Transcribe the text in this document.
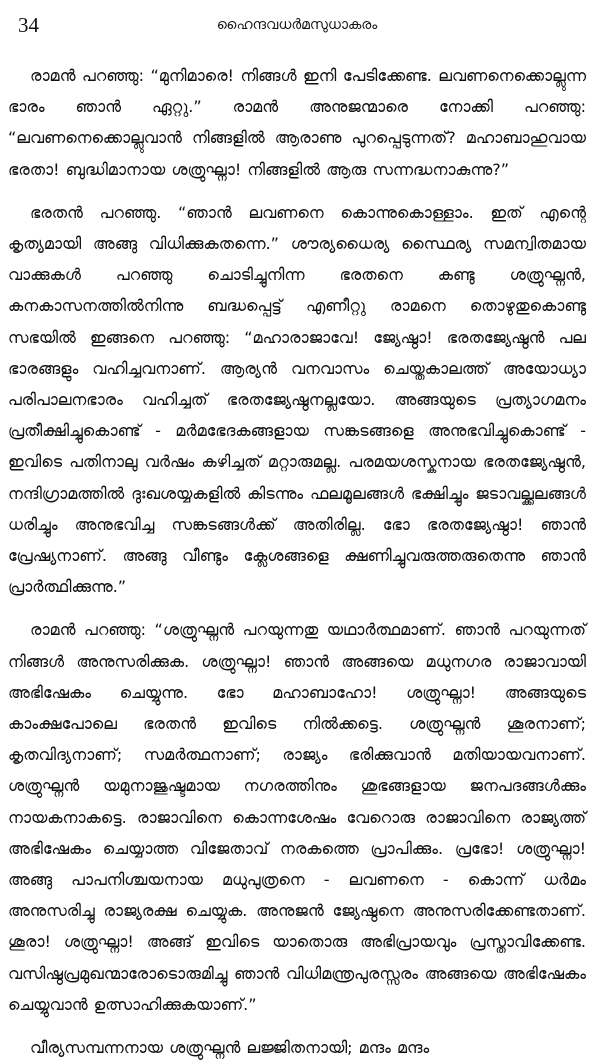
34	ഹൈന്ദവധർമസുധാകരം

രാമൻ പറഞ്ഞു: “മുനിമാരെ! നിങ്ങൾ ഇനി പേടിക്കേണ്ട. ലവണനെക്കൊല്ലുന്ന ഭാരം ഞാൻ ഏറ്റു.” രാമൻ അനുജന്മാരെ നോക്കി പറഞ്ഞു: “ലവണനെക്കൊല്ലുവാൻ നിങ്ങളിൽ ആരാണു പുറപ്പെടുന്നത്? മഹാബാഹുവായ ഭരതാ! ബുദ്ധിമാനായ ശത്രുഘ്നാ! നിങ്ങളിൽ ആരു സന്നദ്ധനാകുന്നു?”

ഭരതൻ പറഞ്ഞു. “ഞാൻ ലവണനെ കൊന്നുകൊള്ളാം. ഇത് എന്റെ കൃത്യമായി അങ്ങു വിധിക്കുകതന്നെ.” ശൗര്യധൈര്യ സ്ഥൈര്യ സമന്വിതമായ വാക്കുകൾ പറഞ്ഞു ചൊടിച്ചുനിന്ന ഭരതനെ കണ്ടു ശത്രുഘ്നൻ, കനകാസനത്തിൽനിന്നു ബദ്ധപ്പെട്ട് എണീറ്റു രാമനെ തൊഴുതുകൊണ്ടു സഭയിൽ ഇങ്ങനെ പറഞ്ഞു: “മഹാരാജാവേ! ജ്യേഷ്ഠാ! ഭരതജ്യേഷ്ഠൻ പല ഭാരങ്ങളും വഹിച്ചവനാണ്. ആര്യൻ വനവാസം ചെയ്തകാലത്ത് അയോധ്യാ പരിപാലനഭാരം വഹിച്ചത് ഭരതജ്യേഷ്ഠനല്ലയോ. അങ്ങയുടെ പ്രത്യാഗമനം പ്രതീക്ഷിച്ചുകൊണ്ട് - മർമഭേദകങ്ങളായ സങ്കടങ്ങളെ അനുഭവിച്ചുകൊണ്ട് - ഇവിടെ പതിനാലു വർഷം കഴിച്ചത് മറ്റാരുമല്ല. പരമയശസ്കനായ ഭരതജ്യേഷ്ഠൻ, നന്ദിഗ്രാമത്തിൽ ദുഃഖശയ്യകളിൽ കിടന്നും ഫലമൂലങ്ങൾ ഭക്ഷിച്ചും ജടാവല്ക്കലങ്ങൾ ധരിച്ചും അനുഭവിച്ച സങ്കടങ്ങൾക്ക് അതിരില്ല. ഭോ ഭരതജ്യേഷ്ഠാ! ഞാൻ പ്രേഷ്യനാണ്. അങ്ങു വീണ്ടും ക്ലേശങ്ങളെ ക്ഷണിച്ചുവരുത്തരുതെന്നു ഞാൻ പ്രാർത്ഥിക്കുന്നു.”

രാമൻ പറഞ്ഞു: “ശത്രുഘ്നൻ പറയുന്നതു യഥാർത്ഥമാണ്. ഞാൻ പറയുന്നത് നിങ്ങൾ അനുസരിക്കുക. ശത്രുഘ്നാ! ഞാൻ അങ്ങയെ മധുനഗര രാജാവായി അഭിഷേകം ചെയ്യുന്നു. ഭോ മഹാബാഹോ! ശത്രുഘ്നാ! അങ്ങയുടെ കാംക്ഷപോലെ ഭരതൻ ഇവിടെ നിൽക്കട്ടെ. ശത്രുഘ്നൻ ശൂരനാണ്; കൃതവിദ്യനാണ്; സമർത്ഥനാണ്; രാജ്യം ഭരിക്കുവാൻ മതിയായവനാണ്. ശത്രുഘ്നൻ യമുനാജുഷ്ടമായ നഗരത്തിനും ശുഭങ്ങളായ ജനപദങ്ങൾക്കും നായകനാകട്ടെ. രാജാവിനെ കൊന്നശേഷം വേറൊരു രാജാവിനെ രാജ്യത്ത് അഭിഷേകം ചെയ്യാത്ത വിജേതാവ് നരകത്തെ പ്രാപിക്കും. പ്രഭോ! ശത്രുഘ്നാ! അങ്ങു പാപനിശ്ചയനായ മധുപുത്രനെ - ലവണനെ - കൊന്ന് ധർമം അനുസരിച്ചു രാജ്യരക്ഷ ചെയ്യുക. അനുജൻ ജ്യേഷ്ഠനെ അനുസരിക്കേണ്ടതാണ്. ശൂരാ! ശത്രുഘ്നാ! അങ്ങ് ഇവിടെ യാതൊരു അഭിപ്രായവും പ്രസ്താവിക്കേണ്ട. വസിഷ്ഠപ്രമുഖന്മാരോടൊരുമിച്ചു ഞാൻ വിധിമന്ത്രപുരസ്സരം അങ്ങയെ അഭിഷേകം ചെയ്യുവാൻ ഉത്സാഹിക്കുകയാണ്.”

വീര്യസമ്പന്നനായ ശത്രുഘ്നൻ ലജ്ജിതനായി; മന്ദം മന്ദം
